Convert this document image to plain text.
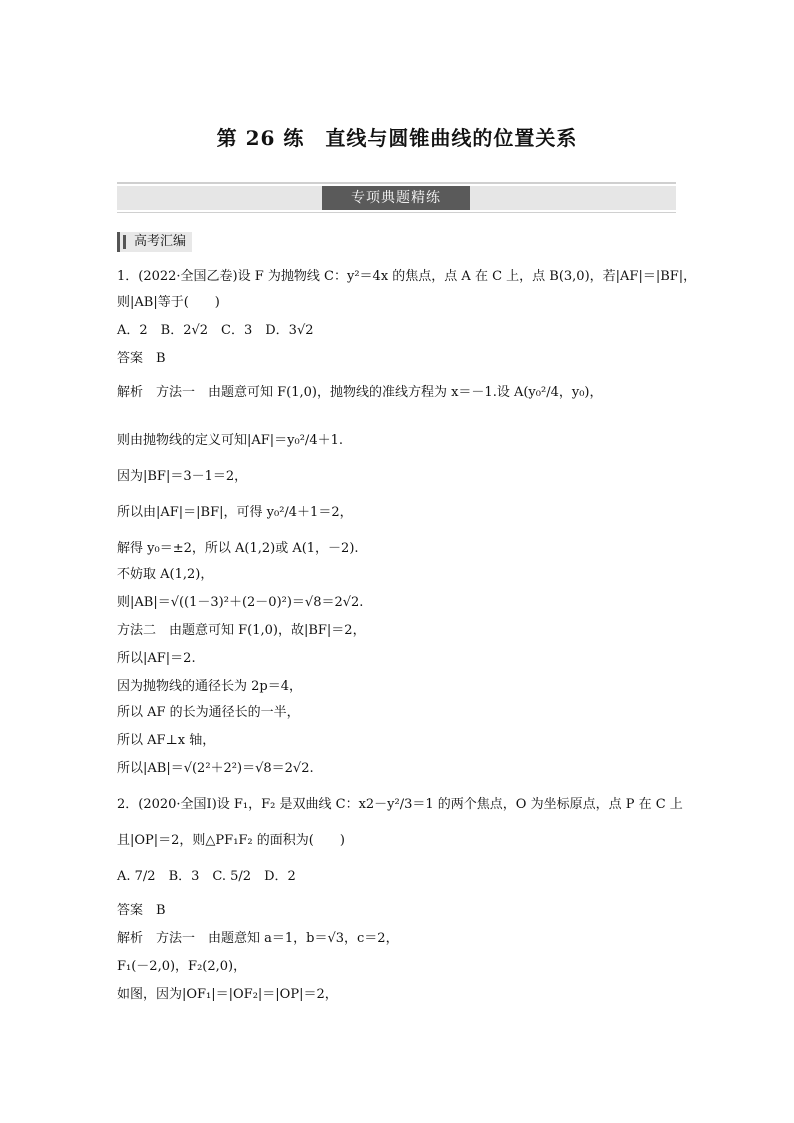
第 26 练　直线与圆锥曲线的位置关系
专项典题精练
高考汇编
1．(2022·全国乙卷)设 F 为抛物线 C：y²＝4x 的焦点，点 A 在 C 上，点 B(3,0)，若|AF|＝|BF|，
则|AB|等于(　　)
A．2　B．2√2　C．3　D．3√2
答案　B
解析　方法一　由题意可知 F(1,0)，抛物线的准线方程为 x＝－1.设 A(y₀²/4，y₀)，
则由抛物线的定义可知|AF|＝y₀²/4＋1.
因为|BF|＝3－1＝2，
所以由|AF|＝|BF|，可得 y₀²/4＋1＝2，
解得 y₀＝±2，所以 A(1,2)或 A(1，－2).
不妨取 A(1,2)，
则|AB|＝√((1－3)²＋(2－0)²)＝√8＝2√2.
方法二　由题意可知 F(1,0)，故|BF|＝2，
所以|AF|＝2.
因为抛物线的通径长为 2p＝4，
所以 AF 的长为通径长的一半，
所以 AF⊥x 轴，
所以|AB|＝√(2²＋2²)＝√8＝2√2.
2．(2020·全国Ⅰ)设 F₁，F₂ 是双曲线 C：x2－y²/3＝1 的两个焦点，O 为坐标原点，点 P 在 C 上
且|OP|＝2，则△PF₁F₂ 的面积为(　　)
A. 7/2　B．3　C. 5/2　D．2
答案　B
解析　方法一　由题意知 a＝1，b＝√3，c＝2，
F₁(－2,0)，F₂(2,0)，
如图，因为|OF₁|＝|OF₂|＝|OP|＝2，
